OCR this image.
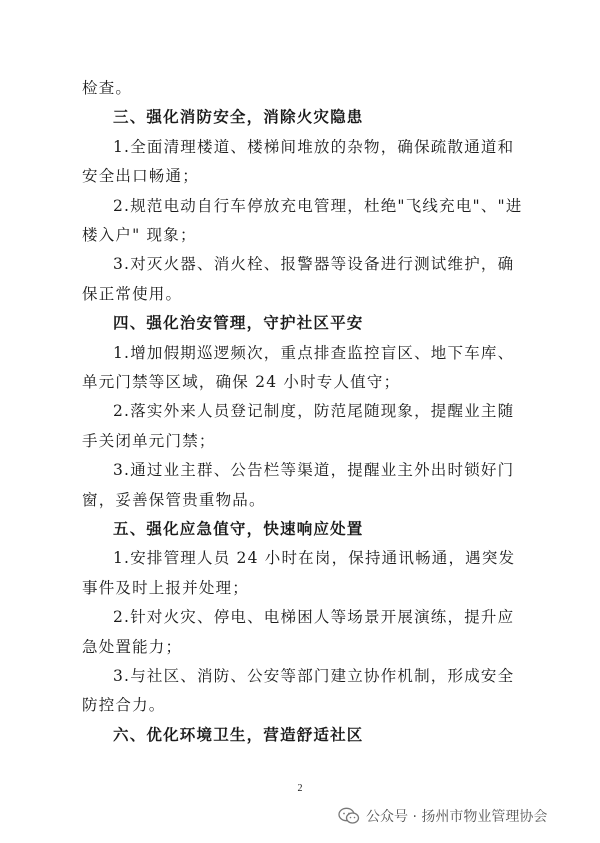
检查。
三、强化消防安全，消除火灾隐患
1.全面清理楼道、楼梯间堆放的杂物，确保疏散通道和
安全出口畅通；
2.规范电动自行车停放充电管理，杜绝"飞线充电"、"进
楼入户" 现象；
3.对灭火器、消火栓、报警器等设备进行测试维护，确
保正常使用。
四、强化治安管理，守护社区平安
1.增加假期巡逻频次，重点排查监控盲区、地下车库、
单元门禁等区域，确保 24 小时专人值守；
2.落实外来人员登记制度，防范尾随现象，提醒业主随
手关闭单元门禁；
3.通过业主群、公告栏等渠道，提醒业主外出时锁好门
窗，妥善保管贵重物品。
五、强化应急值守，快速响应处置
1.安排管理人员 24 小时在岗，保持通讯畅通，遇突发
事件及时上报并处理；
2.针对火灾、停电、电梯困人等场景开展演练，提升应
急处置能力；
3.与社区、消防、公安等部门建立协作机制，形成安全
防控合力。
六、优化环境卫生，营造舒适社区
2
公众号 · 扬州市物业管理协会
